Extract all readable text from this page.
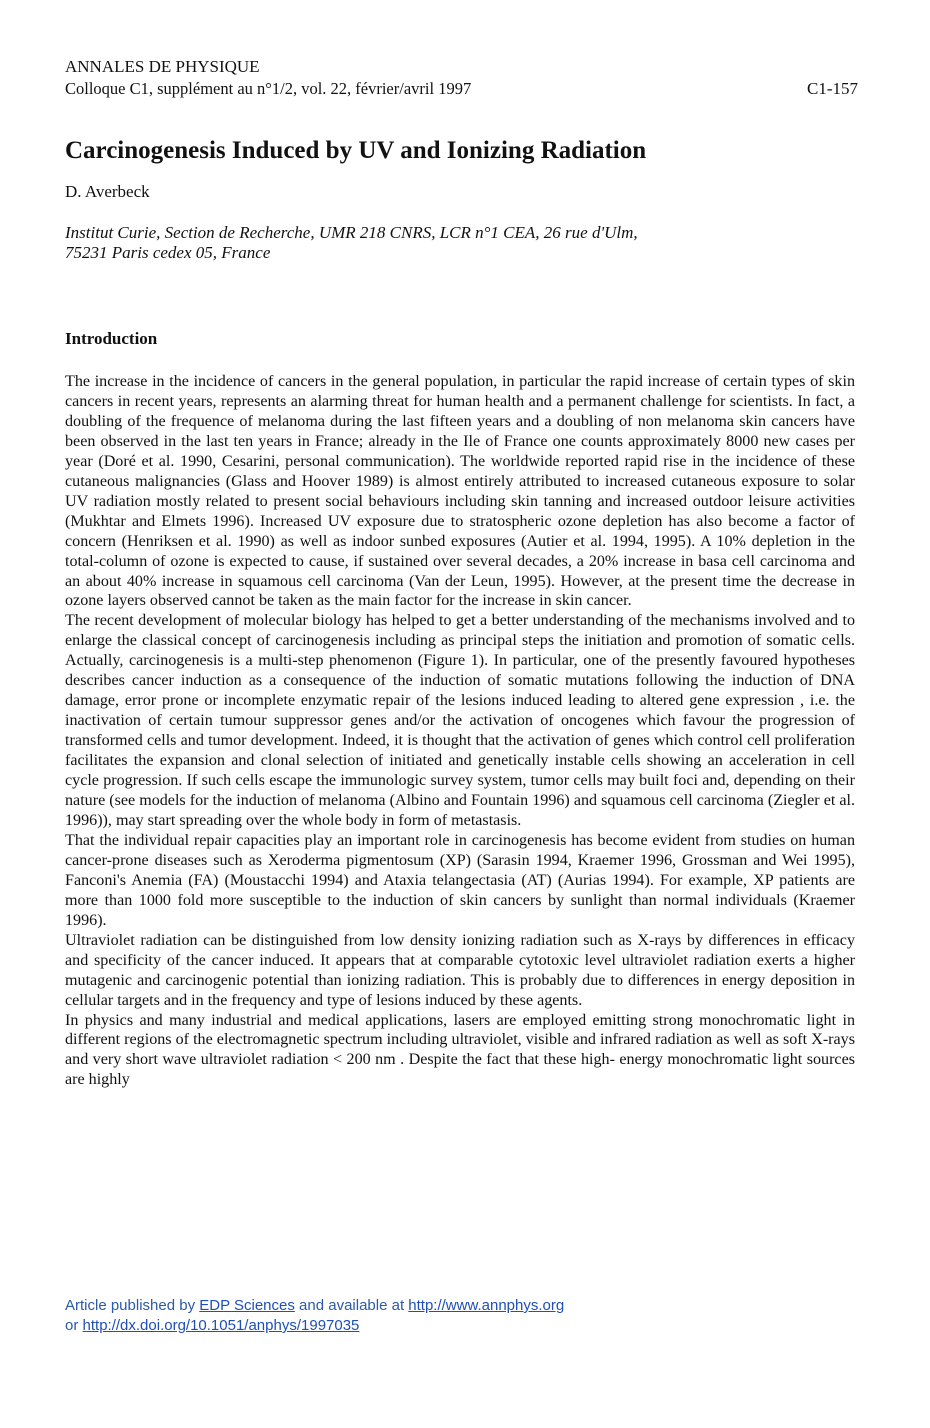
ANNALES DE PHYSIQUE
Colloque C1, supplément au n°1/2, vol. 22, février/avril 1997	C1-157
Carcinogenesis Induced by UV and Ionizing Radiation
D. Averbeck
Institut Curie, Section de Recherche, UMR 218 CNRS, LCR n°1 CEA, 26 rue d'Ulm,
75231 Paris cedex 05, France
Introduction

The increase in the incidence of cancers in the general population, in particular the rapid increase of certain types of skin cancers in recent years, represents an alarming threat for human health and a permanent challenge for scientists. In fact, a doubling of the frequence of melanoma during the last fifteen years and a doubling of non melanoma skin cancers have been observed in the last ten years in France; already in the Ile of France one counts approximately 8000 new cases per year (Doré et al. 1990, Cesarini, personal communication). The worldwide reported rapid rise in the incidence of these cutaneous malignancies (Glass and Hoover 1989) is almost entirely attributed to increased cutaneous exposure to solar UV radiation mostly related to present social behaviours including skin tanning and increased outdoor leisure activities (Mukhtar and Elmets 1996). Increased UV exposure due to stratospheric ozone depletion has also become a factor of concern (Henriksen et al. 1990) as well as indoor sunbed exposures (Autier et al. 1994, 1995). A 10% depletion in the total-column of ozone is expected to cause, if sustained over several decades, a 20% increase in basa cell carcinoma and an about 40% increase in squamous cell carcinoma (Van der Leun, 1995). However, at the present time the decrease in ozone layers observed cannot be taken as the main factor for the increase in skin cancer.

The recent development of molecular biology has helped to get a better understanding of the mechanisms involved and to enlarge the classical concept of carcinogenesis including as principal steps the initiation and promotion of somatic cells. Actually, carcinogenesis is a multi-step phenomenon (Figure 1). In particular, one of the presently favoured hypotheses describes cancer induction as a consequence of the induction of somatic mutations following the induction of DNA damage, error prone or incomplete enzymatic repair of the lesions induced leading to altered gene expression , i.e. the inactivation of certain tumour suppressor genes and/or the activation of oncogenes which favour the progression of transformed cells and tumor development. Indeed, it is thought that the activation of genes which control cell proliferation facilitates the expansion and clonal selection of initiated and genetically instable cells showing an acceleration in cell cycle progression. If such cells escape the immunologic survey system, tumor cells may built foci and, depending on their nature (see models for the induction of melanoma (Albino and Fountain 1996) and squamous cell carcinoma (Ziegler et al. 1996)), may start spreading over the whole body in form of metastasis.

That the individual repair capacities play an important role in carcinogenesis has become evident from studies on human cancer-prone diseases such as Xeroderma pigmentosum (XP) (Sarasin 1994, Kraemer 1996, Grossman and Wei 1995), Fanconi's Anemia (FA) (Moustacchi 1994) and Ataxia telangectasia (AT) (Aurias 1994). For example, XP patients are more than 1000 fold more susceptible to the induction of skin cancers by sunlight than normal individuals (Kraemer 1996).

Ultraviolet radiation can be distinguished from low density ionizing radiation such as X-rays by differences in efficacy and specificity of the cancer induced. It appears that at comparable cytotoxic level ultraviolet radiation exerts a higher mutagenic and carcinogenic potential than ionizing radiation. This is probably due to differences in energy deposition in cellular targets and in the frequency and type of lesions induced by these agents.

In physics and many industrial and medical applications, lasers are employed emitting strong monochromatic light in different regions of the electromagnetic spectrum including ultraviolet, visible and infrared radiation as well as soft X-rays and very short wave ultraviolet radiation < 200 nm . Despite the fact that these high- energy monochromatic light sources are highly

Article published by EDP Sciences and available at http://www.annphys.org
or http://dx.doi.org/10.1051/anphys/1997035
